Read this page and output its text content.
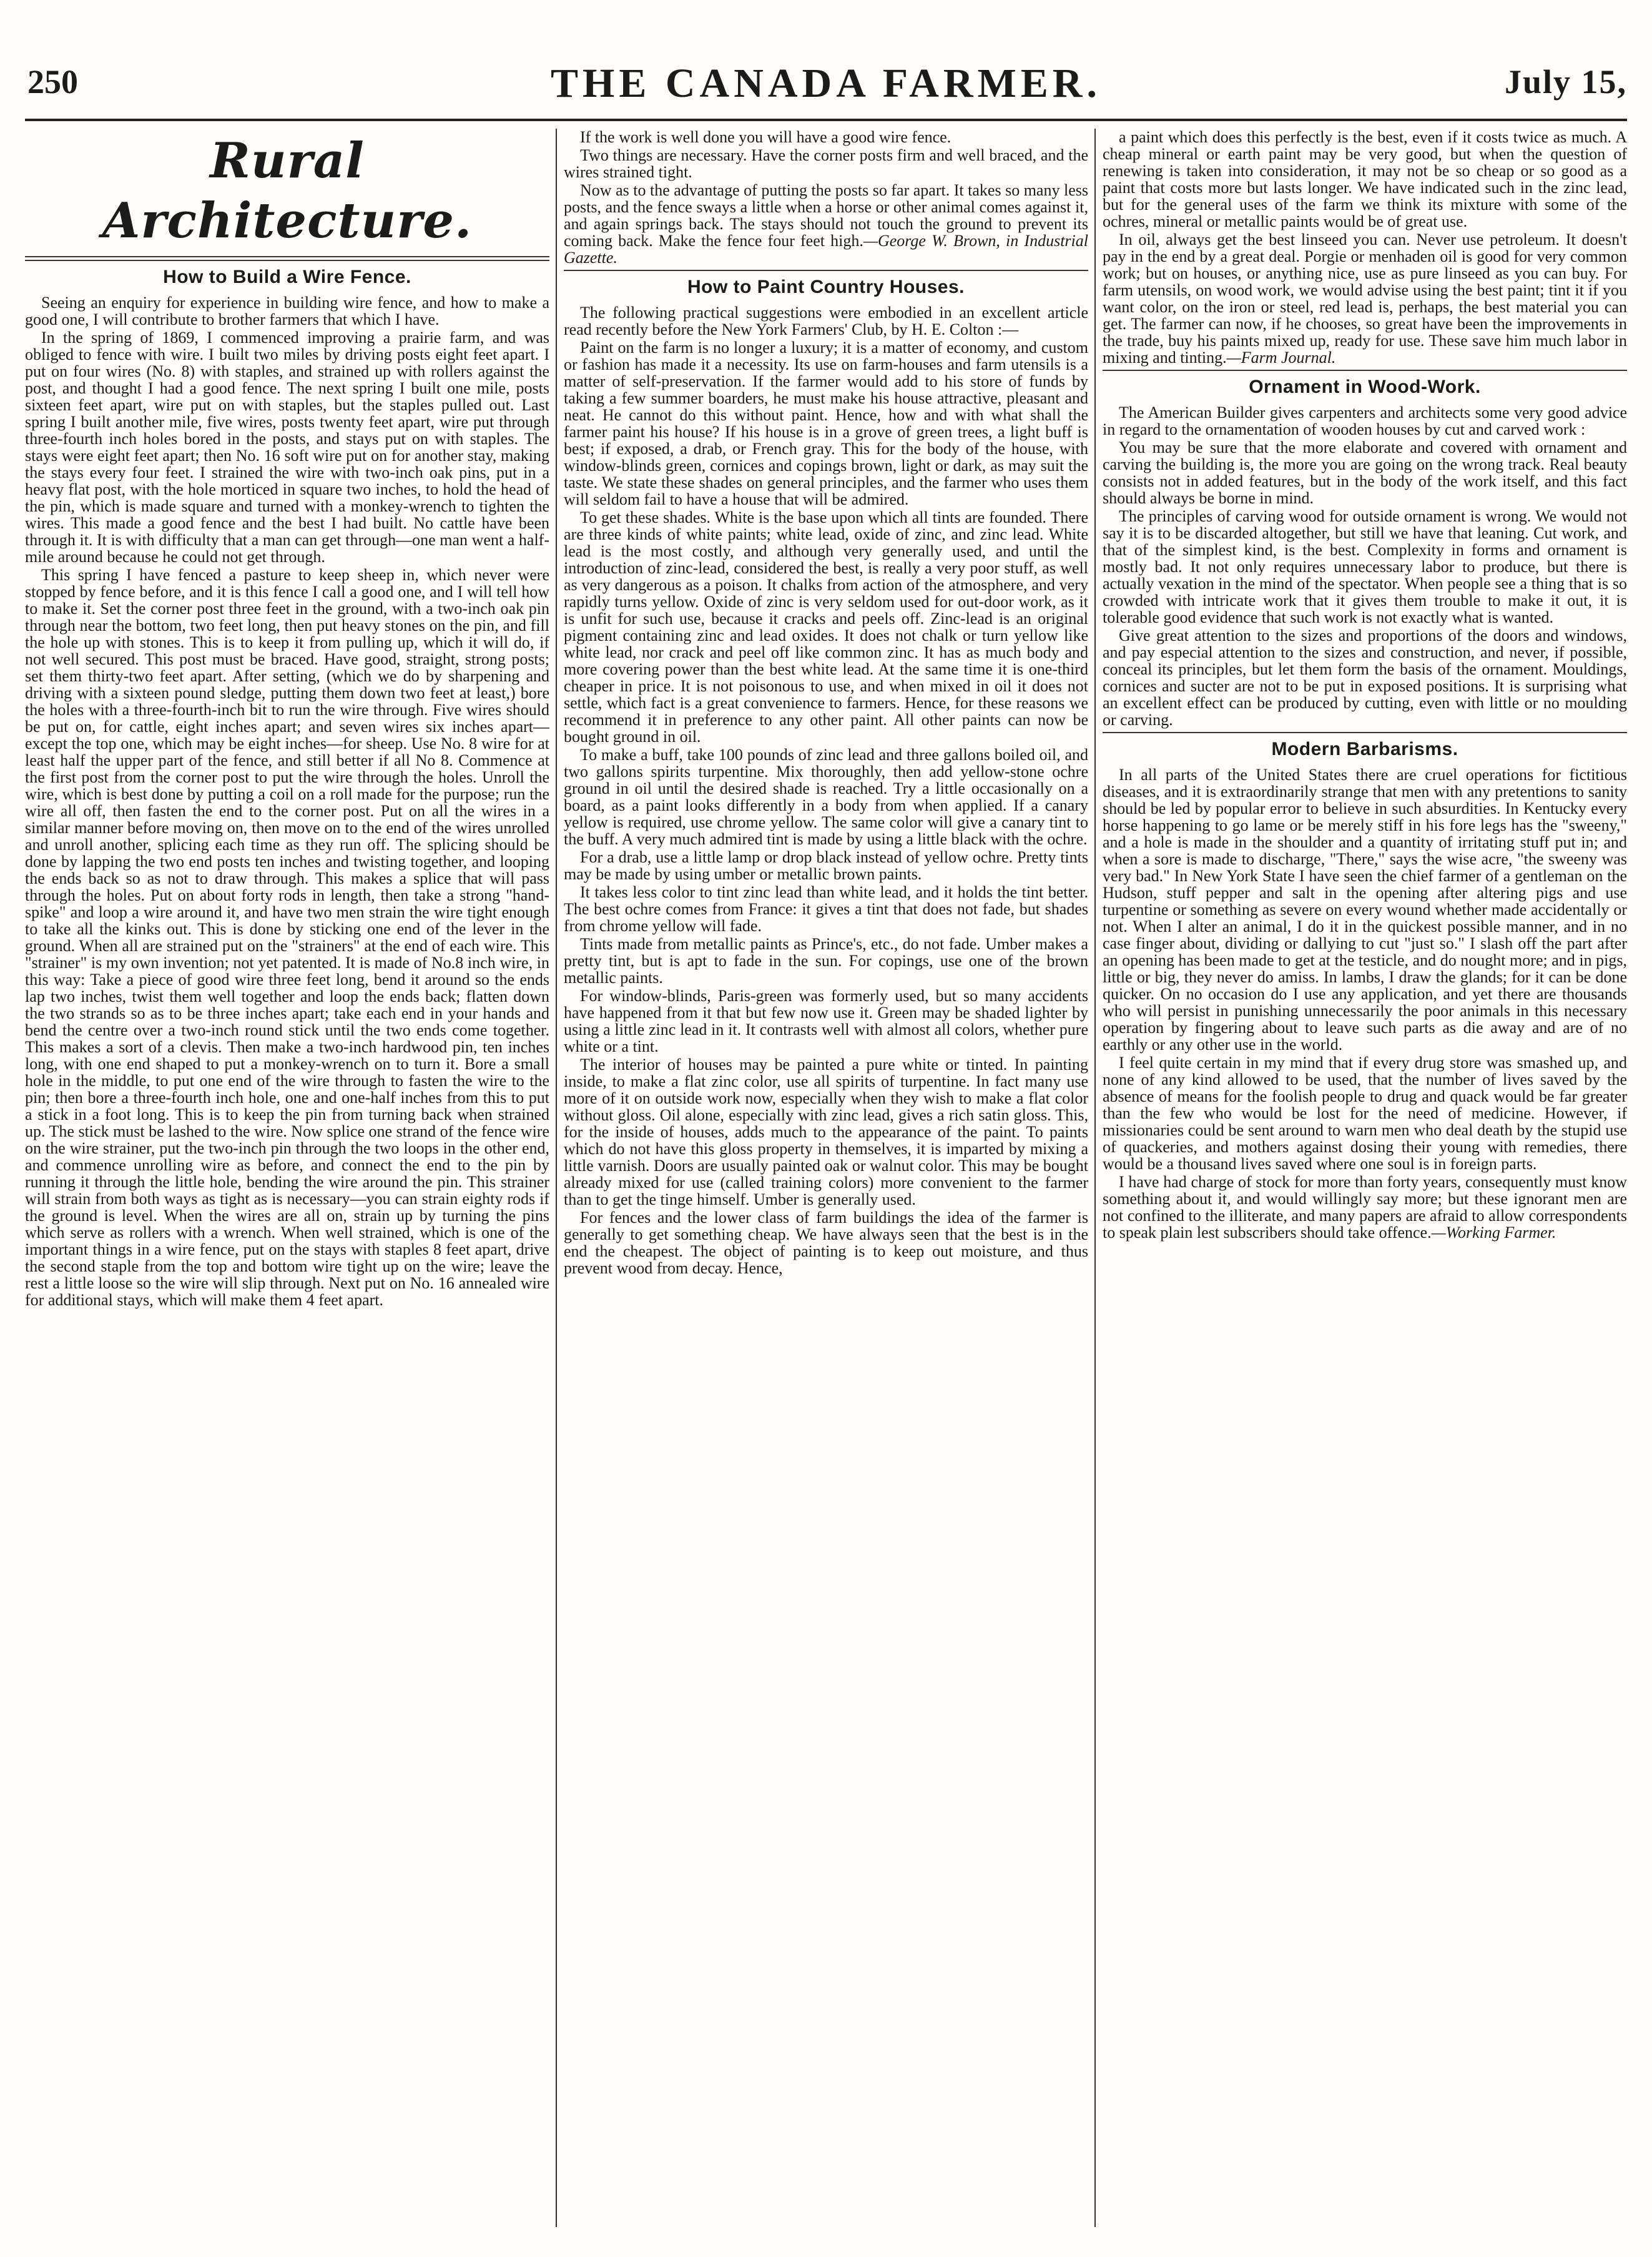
250	THE CANADA FARMER.	July 15,
Rural Architecture.
How to Build a Wire Fence.

Seeing an enquiry for experience in building wire fence, and how to make a good one, I will contribute to brother farmers that which I have.

In the spring of 1869, I commenced improving a prairie farm, and was obliged to fence with wire. I built two miles by driving posts eight feet apart. I put on four wires (No. 8) with staples, and strained up with rollers against the post, and thought I had a good fence. The next spring I built one mile, posts sixteen feet apart, wire put on with staples, but the staples pulled out. Last spring I built another mile, five wires, posts twenty feet apart, wire put through three-fourth inch holes bored in the posts, and stays put on with staples. The stays were eight feet apart; then No. 16 soft wire put on for another stay, making the stays every four feet. I strained the wire with two-inch oak pins, put in a heavy flat post, with the hole morticed in square two inches, to hold the head of the pin, which is made square and turned with a monkey-wrench to tighten the wires. This made a good fence and the best I had built. No cattle have been through it. It is with difficulty that a man can get through—one man went a half-mile around because he could not get through.

This spring I have fenced a pasture to keep sheep in, which never were stopped by fence before, and it is this fence I call a good one, and I will tell how to make it. Set the corner post three feet in the ground, with a two-inch oak pin through near the bottom, two feet long, then put heavy stones on the pin, and fill the hole up with stones. This is to keep it from pulling up, which it will do, if not well secured. This post must be braced. Have good, straight, strong posts; set them thirty-two feet apart. After setting, (which we do by sharpening and driving with a sixteen pound sledge, putting them down two feet at least,) bore the holes with a three-fourth-inch bit to run the wire through. Five wires should be put on, for cattle, eight inches apart; and seven wires six inches apart—except the top one, which may be eight inches—for sheep. Use No. 8 wire for at least half the upper part of the fence, and still better if all No 8. Commence at the first post from the corner post to put the wire through the holes. Unroll the wire, which is best done by putting a coil on a roll made for the purpose; run the wire all off, then fasten the end to the corner post. Put on all the wires in a similar manner before moving on, then move on to the end of the wires unrolled and unroll another, splicing each time as they run off. The splicing should be done by lapping the two end posts ten inches and twisting together, and looping the ends back so as not to draw through. This makes a splice that will pass through the holes. Put on about forty rods in length, then take a strong "hand-spike" and loop a wire around it, and have two men strain the wire tight enough to take all the kinks out. This is done by sticking one end of the lever in the ground. When all are strained put on the "strainers" at the end of each wire. This "strainer" is my own invention; not yet patented. It is made of No.8 inch wire, in this way: Take a piece of good wire three feet long, bend it around so the ends lap two inches, twist them well together and loop the ends back; flatten down the two strands so as to be three inches apart; take each end in your hands and bend the centre over a two-inch round stick until the two ends come together. This makes a sort of a clevis. Then make a two-inch hardwood pin, ten inches long, with one end shaped to put a monkey-wrench on to turn it. Bore a small hole in the middle, to put one end of the wire through to fasten the wire to the pin; then bore a three-fourth inch hole, one and one-half inches from this to put a stick in a foot long. This is to keep the pin from turning back when strained up. The stick must be lashed to the wire. Now splice one strand of the fence wire on the wire strainer, put the two-inch pin through the two loops in the other end, and commence unrolling wire as before, and connect the end to the pin by running it through the little hole, bending the wire around the pin. This strainer will strain from both ways as tight as is necessary—you can strain eighty rods if the ground is level. When the wires are all on, strain up by turning the pins which serve as rollers with a wrench. When well strained, which is one of the important things in a wire fence, put on the stays with staples 8 feet apart, drive the second staple from the top and bottom wire tight up on the wire; leave the rest a little loose so the wire will slip through. Next put on No. 16 annealed wire for additional stays, which will make them 4 feet apart.

If the work is well done you will have a good wire fence.

Two things are necessary. Have the corner posts firm and well braced, and the wires strained tight.

Now as to the advantage of putting the posts so far apart. It takes so many less posts, and the fence sways a little when a horse or other animal comes against it, and again springs back. The stays should not touch the ground to prevent its coming back. Make the fence four feet high.—George W. Brown, in Industrial Gazette.

How to Paint Country Houses.

The following practical suggestions were embodied in an excellent article read recently before the New York Farmers' Club, by H. E. Colton :—

Paint on the farm is no longer a luxury; it is a matter of economy, and custom or fashion has made it a necessity. Its use on farm-houses and farm utensils is a matter of self-preservation. If the farmer would add to his store of funds by taking a few summer boarders, he must make his house attractive, pleasant and neat. He cannot do this without paint. Hence, how and with what shall the farmer paint his house? If his house is in a grove of green trees, a light buff is best; if exposed, a drab, or French gray. This for the body of the house, with window-blinds green, cornices and copings brown, light or dark, as may suit the taste. We state these shades on general principles, and the farmer who uses them will seldom fail to have a house that will be admired.

To get these shades. White is the base upon which all tints are founded. There are three kinds of white paints; white lead, oxide of zinc, and zinc lead. White lead is the most costly, and although very generally used, and until the introduction of zinc-lead, considered the best, is really a very poor stuff, as well as very dangerous as a poison. It chalks from action of the atmosphere, and very rapidly turns yellow. Oxide of zinc is very seldom used for out-door work, as it is unfit for such use, because it cracks and peels off. Zinc-lead is an original pigment containing zinc and lead oxides. It does not chalk or turn yellow like white lead, nor crack and peel off like common zinc. It has as much body and more covering power than the best white lead. At the same time it is one-third cheaper in price. It is not poisonous to use, and when mixed in oil it does not settle, which fact is a great convenience to farmers. Hence, for these reasons we recommend it in preference to any other paint. All other paints can now be bought ground in oil.

To make a buff, take 100 pounds of zinc lead and three gallons boiled oil, and two gallons spirits turpentine. Mix thoroughly, then add yellow-stone ochre ground in oil until the desired shade is reached. Try a little occasionally on a board, as a paint looks differently in a body from when applied. If a canary yellow is required, use chrome yellow. The same color will give a canary tint to the buff. A very much admired tint is made by using a little black with the ochre.

For a drab, use a little lamp or drop black instead of yellow ochre. Pretty tints may be made by using umber or metallic brown paints.

It takes less color to tint zinc lead than white lead, and it holds the tint better. The best ochre comes from France: it gives a tint that does not fade, but shades from chrome yellow will fade.

Tints made from metallic paints as Prince's, etc., do not fade. Umber makes a pretty tint, but is apt to fade in the sun. For copings, use one of the brown metallic paints.

For window-blinds, Paris-green was formerly used, but so many accidents have happened from it that but few now use it. Green may be shaded lighter by using a little zinc lead in it. It contrasts well with almost all colors, whether pure white or a tint.

The interior of houses may be painted a pure white or tinted. In painting inside, to make a flat zinc color, use all spirits of turpentine. In fact many use more of it on outside work now, especially when they wish to make a flat color without gloss. Oil alone, especially with zinc lead, gives a rich satin gloss. This, for the inside of houses, adds much to the appearance of the paint. To paints which do not have this gloss property in themselves, it is imparted by mixing a little varnish. Doors are usually painted oak or walnut color. This may be bought already mixed for use (called training colors) more convenient to the farmer than to get the tinge himself. Umber is generally used.

For fences and the lower class of farm buildings the idea of the farmer is generally to get something cheap. We have always seen that the best is in the end the cheapest. The object of painting is to keep out moisture, and thus prevent wood from decay. Hence,

a paint which does this perfectly is the best, even if it costs twice as much. A cheap mineral or earth paint may be very good, but when the question of renewing is taken into consideration, it may not be so cheap or so good as a paint that costs more but lasts longer. We have indicated such in the zinc lead, but for the general uses of the farm we think its mixture with some of the ochres, mineral or metallic paints would be of great use.

In oil, always get the best linseed you can. Never use petroleum. It doesn't pay in the end by a great deal. Porgie or menhaden oil is good for very common work; but on houses, or anything nice, use as pure linseed as you can buy. For farm utensils, on wood work, we would advise using the best paint; tint it if you want color, on the iron or steel, red lead is, perhaps, the best material you can get. The farmer can now, if he chooses, so great have been the improvements in the trade, buy his paints mixed up, ready for use. These save him much labor in mixing and tinting.—Farm Journal.

Ornament in Wood-Work.

The American Builder gives carpenters and architects some very good advice in regard to the ornamentation of wooden houses by cut and carved work :

You may be sure that the more elaborate and covered with ornament and carving the building is, the more you are going on the wrong track. Real beauty consists not in added features, but in the body of the work itself, and this fact should always be borne in mind.

The principles of carving wood for outside ornament is wrong. We would not say it is to be discarded altogether, but still we have that leaning. Cut work, and that of the simplest kind, is the best. Complexity in forms and ornament is mostly bad. It not only requires unnecessary labor to produce, but there is actually vexation in the mind of the spectator. When people see a thing that is so crowded with intricate work that it gives them trouble to make it out, it is tolerable good evidence that such work is not exactly what is wanted.

Give great attention to the sizes and proportions of the doors and windows, and pay especial attention to the sizes and construction, and never, if possible, conceal its principles, but let them form the basis of the ornament. Mouldings, cornices and sucter are not to be put in exposed positions. It is surprising what an excellent effect can be produced by cutting, even with little or no moulding or carving.

Modern Barbarisms.

In all parts of the United States there are cruel operations for fictitious diseases, and it is extraordinarily strange that men with any pretentions to sanity should be led by popular error to believe in such absurdities. In Kentucky every horse happening to go lame or be merely stiff in his fore legs has the "sweeny," and a hole is made in the shoulder and a quantity of irritating stuff put in; and when a sore is made to discharge, "There," says the wise acre, "the sweeny was very bad." In New York State I have seen the chief farmer of a gentleman on the Hudson, stuff pepper and salt in the opening after altering pigs and use turpentine or something as severe on every wound whether made accidentally or not. When I alter an animal, I do it in the quickest possible manner, and in no case finger about, dividing or dallying to cut "just so." I slash off the part after an opening has been made to get at the testicle, and do nought more; and in pigs, little or big, they never do amiss. In lambs, I draw the glands; for it can be done quicker. On no occasion do I use any application, and yet there are thousands who will persist in punishing unnecessarily the poor animals in this necessary operation by fingering about to leave such parts as die away and are of no earthly or any other use in the world.

I feel quite certain in my mind that if every drug store was smashed up, and none of any kind allowed to be used, that the number of lives saved by the absence of means for the foolish people to drug and quack would be far greater than the few who would be lost for the need of medicine. However, if missionaries could be sent around to warn men who deal death by the stupid use of quackeries, and mothers against dosing their young with remedies, there would be a thousand lives saved where one soul is in foreign parts.

I have had charge of stock for more than forty years, consequently must know something about it, and would willingly say more; but these ignorant men are not confined to the illiterate, and many papers are afraid to allow correspondents to speak plain lest subscribers should take offence.—Working Farmer.
